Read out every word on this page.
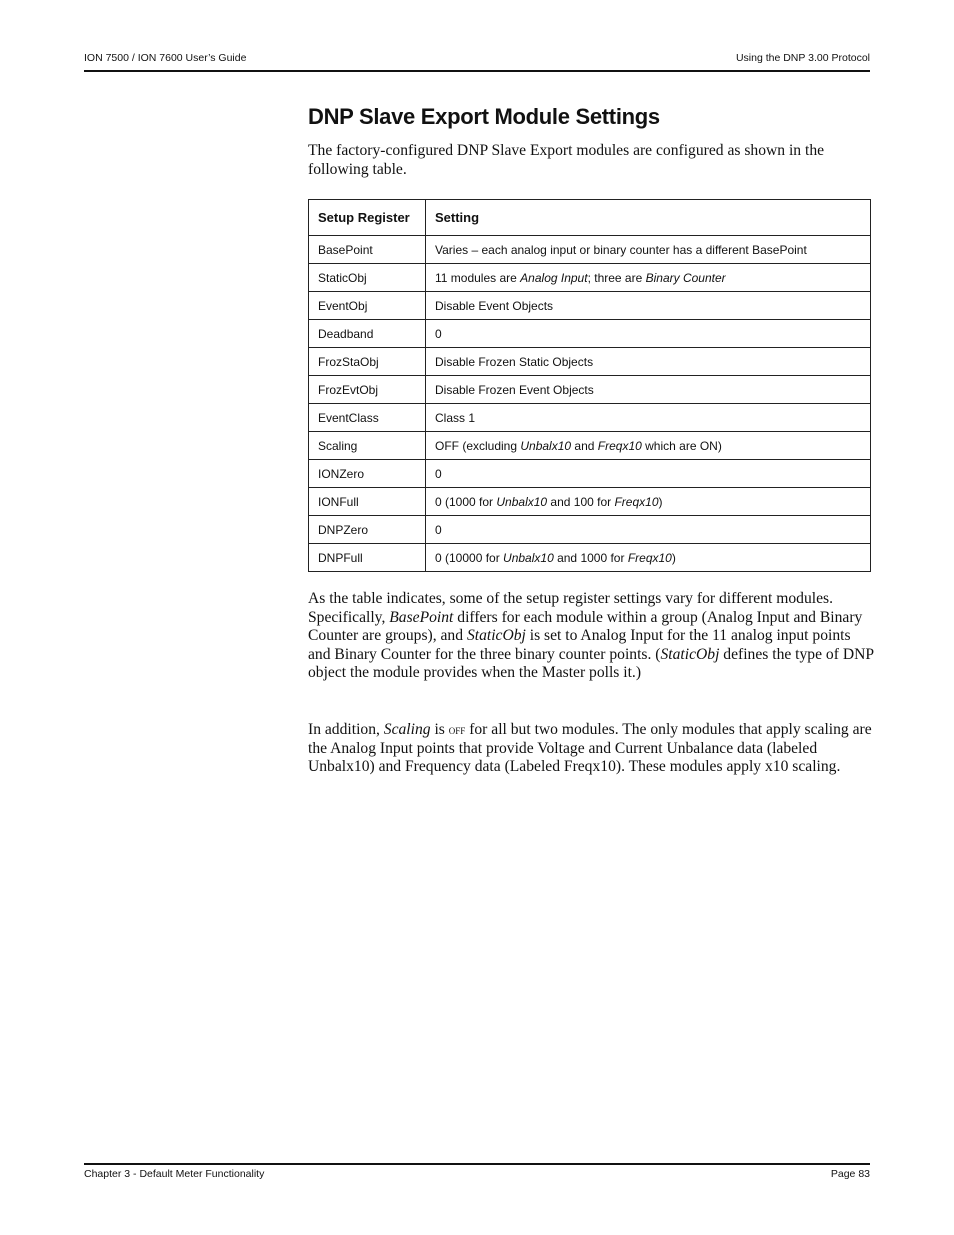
ION 7500 / ION 7600 User’s Guide	Using the DNP 3.00 Protocol
DNP Slave Export Module Settings

The factory-configured DNP Slave Export modules are configured as shown in the following table.

Setup Register	Setting
BasePoint	Varies – each analog input or binary counter has a different BasePoint
StaticObj	11 modules are Analog Input; three are Binary Counter
EventObj	Disable Event Objects
Deadband	0
FrozStaObj	Disable Frozen Static Objects
FrozEvtObj	Disable Frozen Event Objects
EventClass	Class 1
Scaling	OFF (excluding Unbalx10 and Freqx10 which are ON)
IONZero	0
IONFull	0 (1000 for Unbalx10 and 100 for Freqx10)
DNPZero	0
DNPFull	0 (10000 for Unbalx10 and 1000 for Freqx10)

As the table indicates, some of the setup register settings vary for different modules. Specifically, BasePoint differs for each module within a group (Analog Input and Binary Counter are groups), and StaticObj is set to Analog Input for the 11 analog input points and Binary Counter for the three binary counter points. (StaticObj defines the type of DNP object the module provides when the Master polls it.)

In addition, Scaling is off for all but two modules. The only modules that apply scaling are the Analog Input points that provide Voltage and Current Unbalance data (labeled Unbalx10) and Frequency data (Labeled Freqx10). These modules apply x10 scaling.

Chapter 3 - Default Meter Functionality	Page 83
